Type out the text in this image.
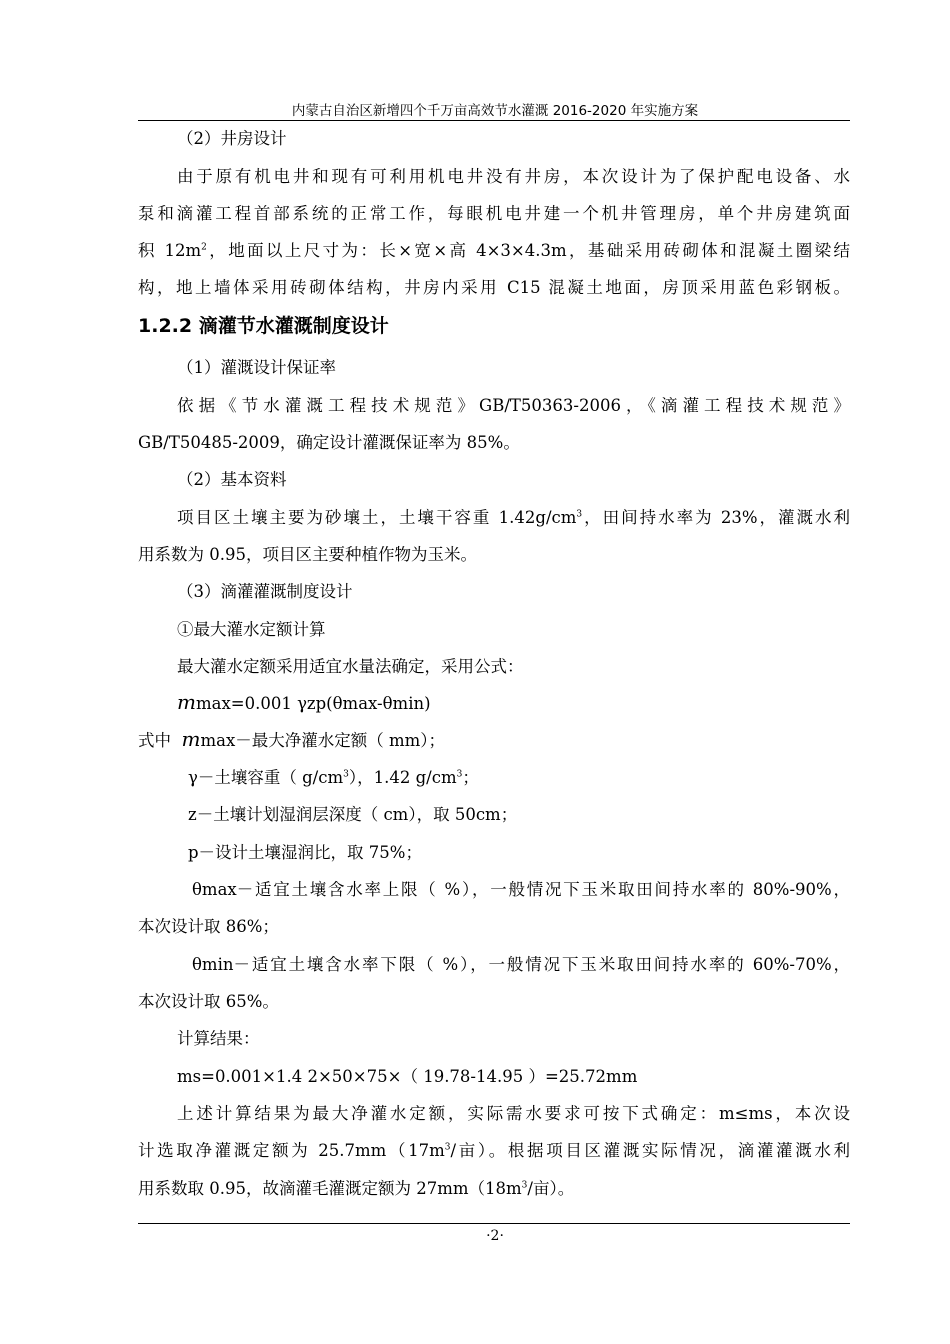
内蒙古自治区新增四个千万亩高效节水灌溉 2016-2020 年实施方案
（2）井房设计
由于原有机电井和现有可利用机电井没有井房，本次设计为了保护配电设备、水
泵和滴灌工程首部系统的正常工作，每眼机电井建一个机井管理房，单个井房建筑面
积 $12m^2$，地面以上尺寸为：长×宽×高 4×3×4.3m，基础采用砖砌体和混凝土圈梁结
构，地上墙体采用砖砌体结构，井房内采用 C15 混凝土地面，房顶采用蓝色彩钢板。
1.2.2 滴灌节水灌溉制度设计
（1）灌溉设计保证率
依据《节水灌溉工程技术规范》GB/T50363-2006，《滴灌工程技术规范》
GB/T50485-2009，确定设计灌溉保证率为 85%。
（2）基本资料
项目区土壤主要为砂壤土，土壤干容重 $1.42g/cm^3$，田间持水率为 23%，灌溉水利
用系数为 0.95，项目区主要种植作物为玉米。
（3）滴灌灌溉制度设计
①最大灌水定额计算
最大灌水定额采用适宜水量法确定，采用公式：
mmax=0.001 γzp(θmax-θmin)
式中 mmax－最大净灌水定额（ mm）；
γ－土壤容重（ $g/cm^3$），1.42 $g/cm^3$；
z－土壤计划湿润层深度（ cm），取 50cm；
p－设计土壤湿润比，取 75%；
θmax－适宜土壤含水率上限（ %），一般情况下玉米取田间持水率的 80%-90%，
本次设计取 86%；
θmin－适宜土壤含水率下限（ %），一般情况下玉米取田间持水率的 60%-70%，
本次设计取 65%。
计算结果：
ms=0.001×1.4 2×50×75×（ 19.78-14.95 ）=25.72mm
上述计算结果为最大净灌水定额，实际需水要求可按下式确定：m≤ms，本次设
计选取净灌溉定额为 $25.7mm(17m^3/$亩）。根据项目区灌溉实际情况，滴灌灌溉水利
用系数取 0.95，故滴灌毛灌溉定额为 $27mm(18m^3/$亩）。
·2·
